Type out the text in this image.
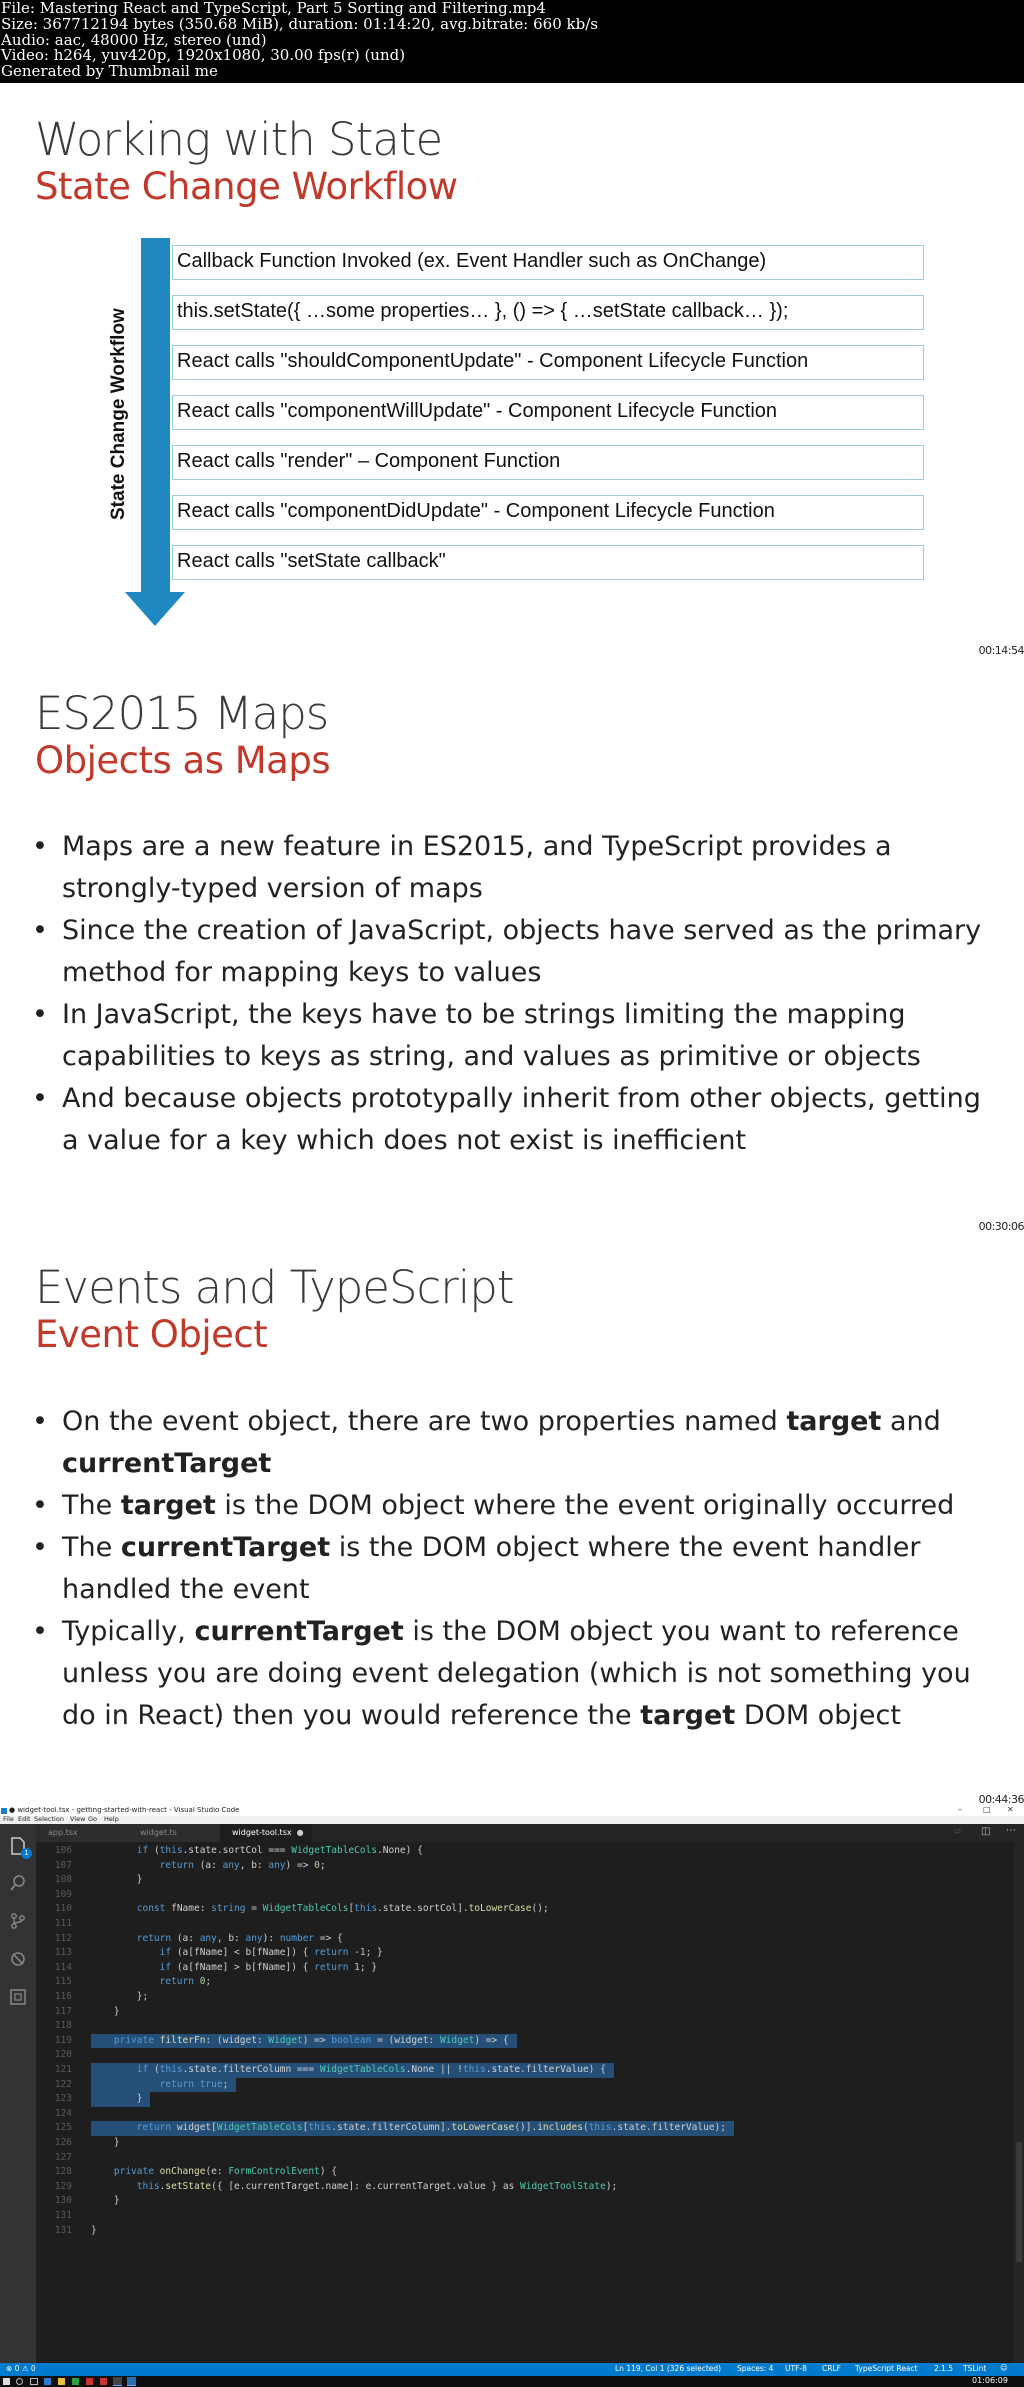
File: Mastering React and TypeScript, Part 5 Sorting and Filtering.mp4
Size: 367712194 bytes (350.68 MiB), duration: 01:14:20, avg.bitrate: 660 kb/s
Audio: aac, 48000 Hz, stereo (und)
Video: h264, yuv420p, 1920x1080, 30.00 fps(r) (und)
Generated by Thumbnail me
Working with State
State Change Workflow
State Change Workflow
Callback Function Invoked (ex. Event Handler such as OnChange)
this.setState({ …some properties… }, () => { …setState callback… });
React calls "shouldComponentUpdate" - Component Lifecycle Function
React calls "componentWillUpdate" - Component Lifecycle Function
React calls "render" – Component Function
React calls "componentDidUpdate" - Component Lifecycle Function
React calls "setState callback"
00:14:54
ES2015 Maps
Objects as Maps
• Maps are a new feature in ES2015, and TypeScript provides a strongly-typed version of maps
• Since the creation of JavaScript, objects have served as the primary method for mapping keys to values
• In JavaScript, the keys have to be strings limiting the mapping capabilities to keys as string, and values as primitive or objects
• And because objects prototypally inherit from other objects, getting a value for a key which does not exist is inefficient
00:30:06
Events and TypeScript
Event Object
• On the event object, there are two properties named target and currentTarget
• The target is the DOM object where the event originally occurred
• The currentTarget is the DOM object where the event handler handled the event
• Typically, currentTarget is the DOM object you want to reference unless you are doing event delegation (which is not something you do in React) then you would reference the target DOM object
00:44:36
● widget-tool.tsx - getting-started-with-react - Visual Studio Code	–	□ ✕
File Edit Selection View Go Help
1
app.tsx	widget.ts	widget-tool.tsx ●	⇄ ◫ ⋯
106	if (this.state.sortCol === WidgetTableCols.None) {
107	return (a: any, b: any) => 0;
108 }
109
110	const fName: string = WidgetTableCols[this.state.sortCol].toLowerCase();
111
112	return (a: any, b: any): number => {
113	if (a[fName] < b[fName]) { return -1; }
114	if (a[fName] > b[fName]) { return 1; }
115	return 0;
116 };
117 }
118
119	private filterFn: (widget: Widget) => boolean = (widget: Widget) => {
120
121	if (this.state.filterColumn === WidgetTableCols.None || !this.state.filterValue) {
122	return true;
123 }
124
125	return widget[WidgetTableCols[this.state.filterColumn].toLowerCase()].includes(this.state.filterValue);
126 }
127
128	private onChange(e: FormControlEvent) {
129	this.setState({ [e.currentTarget.name]: e.currentTarget.value } as WidgetToolState);
130 }
131
131 }
⊗ 0 ⚠ 0	Ln 119, Col 1 (326 selected) Spaces: 4 UTF-8 CRLF TypeScript React 2.1.5 TSLint ☺
01:06:09
